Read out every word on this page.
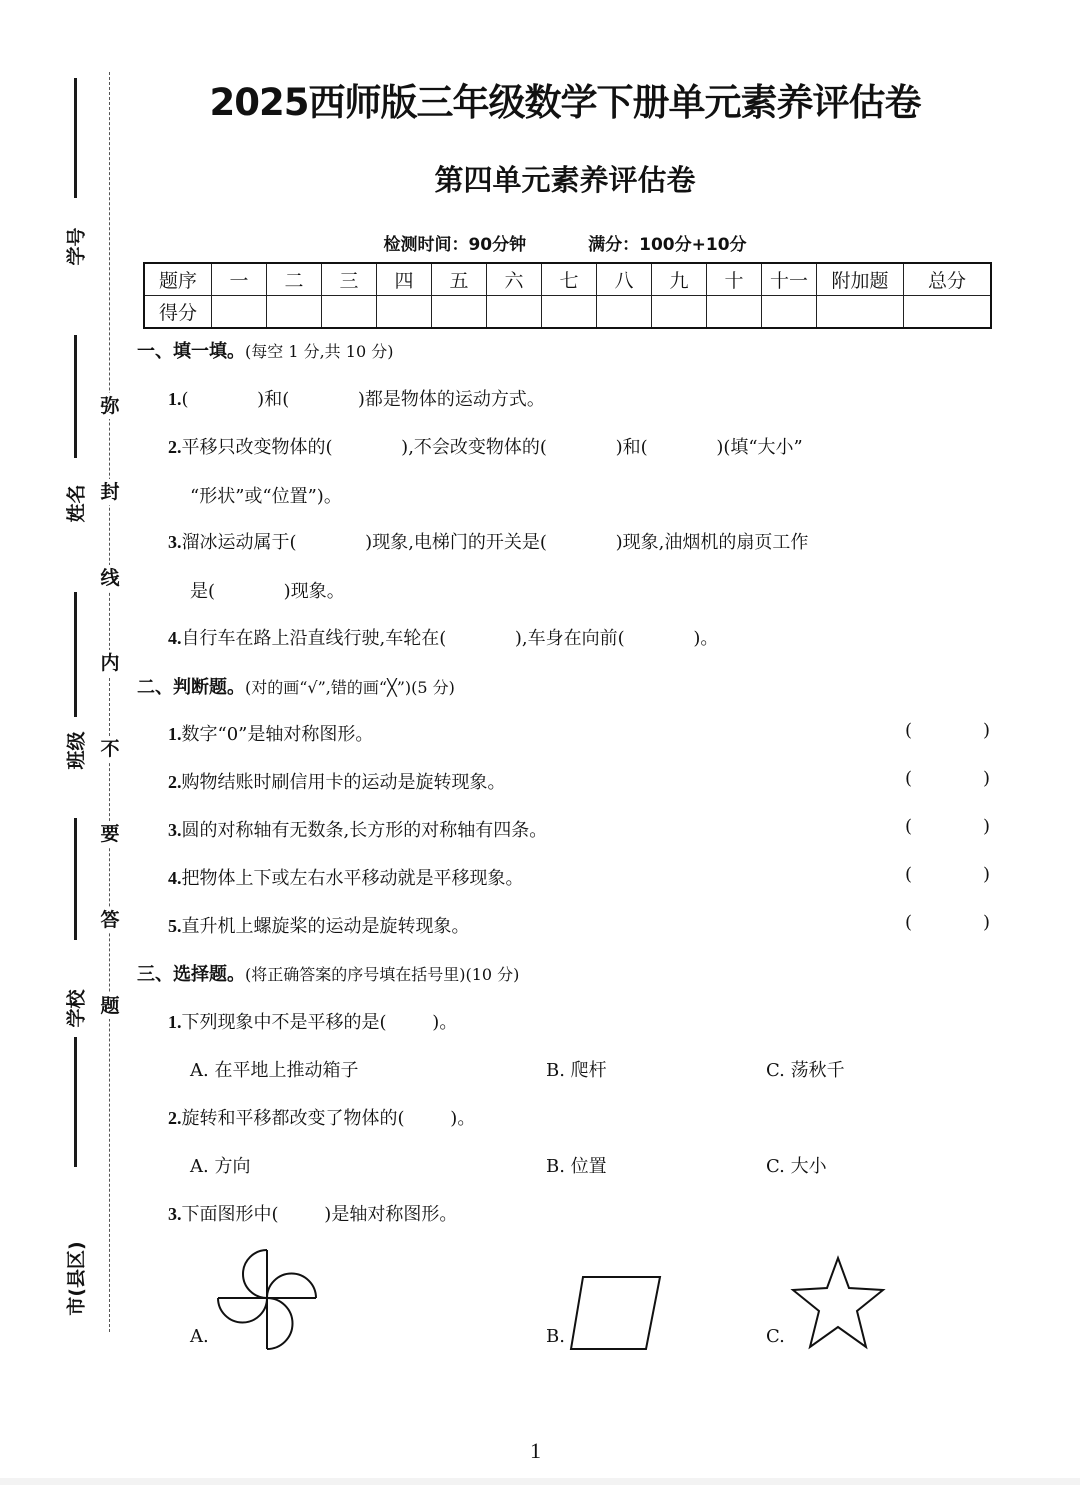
学号
姓名
班级
学校
市(县区)
弥
封
线
内
不
要
答
题
2025西师版三年级数学下册单元素养评估卷
第四单元素养评估卷
检测时间：90分钟	满分：100分+10分
题序	一	二	三	四	五	六	七	八	九	十	十一	附加题	总分
得分													
一、填一填。(每空 1 分,共 10 分)
1.(            )和(            )都是物体的运动方式。
2.平移只改变物体的(            ),不会改变物体的(            )和(            )(填“大小”
“形状”或“位置”)。
3.溜冰运动属于(            )现象,电梯门的开关是(            )现象,油烟机的扇页工作
是(            )现象。
4.自行车在路上沿直线行驶,车轮在(            ),车身在向前(            )。
二、判断题。(对的画“√”,错的画“╳”)(5 分)
1.数字“0”是轴对称图形。	(	)
2.购物结账时刷信用卡的运动是旋转现象。	(	)
3.圆的对称轴有无数条,长方形的对称轴有四条。	(	)
4.把物体上下或左右水平移动就是平移现象。	(	)
5.直升机上螺旋桨的运动是旋转现象。	(	)
三、选择题。(将正确答案的序号填在括号里)(10 分)
1.下列现象中不是平移的是(        )。
A. 在平地上推动箱子	B. 爬杆	C. 荡秋千
2.旋转和平移都改变了物体的(        )。
A. 方向	B. 位置	C. 大小
3.下面图形中(        )是轴对称图形。
A.	B.	C.
1
